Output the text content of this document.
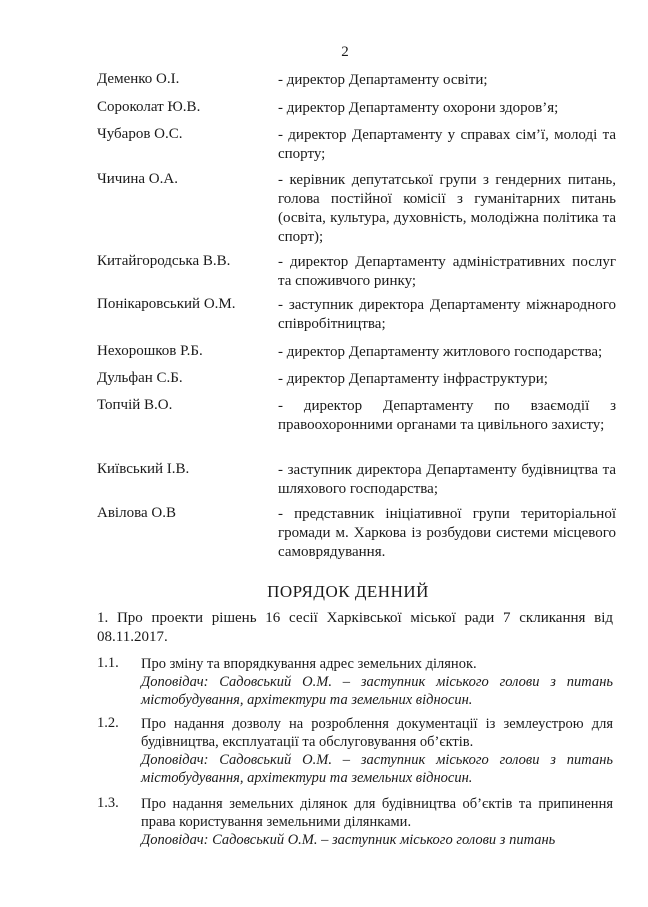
2
Деменко О.І.	- директор Департаменту освіти;
Сороколат Ю.В.	- директор Департаменту охорони здоров’я;
Чубаров О.С.	- директор Департаменту у справах сім’ї, молоді та спорту;
Чичина О.А.	- керівник депутатської групи з гендерних питань, голова постійної комісії з гуманітарних питань (освіта, культура, духовність, молодіжна політика та спорт);
Китайгородська В.В.	- директор Департаменту адміністративних послуг та споживчого ринку;
Понікаровський О.М.	- заступник директора Департаменту міжнародного співробітництва;
Нехорошков Р.Б.	- директор Департаменту житлового господарства;
Дульфан С.Б.	- директор Департаменту інфраструктури;
Топчій В.О.	- директор Департаменту по взаємодії з правоохоронними органами та цивільного захисту;
Київський І.В.	- заступник директора Департаменту будівництва та шляхового господарства;
Авілова О.В	- представник ініціативної групи територіальної громади м. Харкова із розбудови системи місцевого самоврядування.
ПОРЯДОК ДЕННИЙ
1. Про проекти рішень 16 сесії Харківської міської ради 7 скликання від 08.11.2017.
1.1. Про зміну та впорядкування адрес земельних ділянок.
Доповідач: Садовський О.М. – заступник міського голови з питань містобудування, архітектури та земельних відносин.
1.2. Про надання дозволу на розроблення документації із землеустрою для будівництва, експлуатації та обслуговування об’єктів.
Доповідач: Садовський О.М. – заступник міського голови з питань містобудування, архітектури та земельних відносин.
1.3. Про надання земельних ділянок для будівництва об’єктів та припинення права користування земельними ділянками.
Доповідач: Садовський О.М. – заступник міського голови з питань
